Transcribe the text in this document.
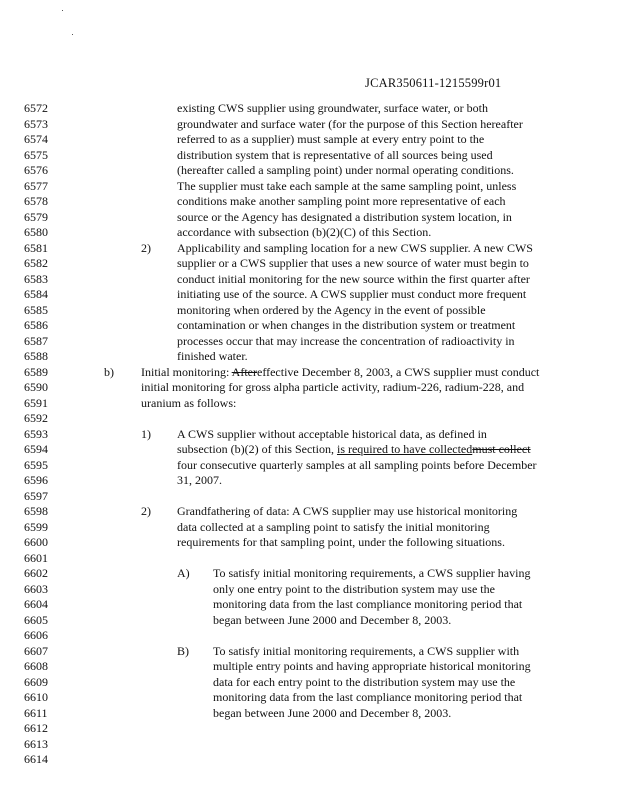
JCAR350611-1215599r01
6572
6573
6574
6575
6576
6577
6578
6579
6580
6581
6582
6583
6584
6585
6586
6587
6588
6589
6590
6591
6592
6593
6594
6595
6596
6597
6598
6599
6600
6601
6602
6603
6604
6605
6606
6607
6608
6609
6610
6611
6612
6613
6614
existing CWS supplier using groundwater, surface water, or both
groundwater and surface water (for the purpose of this Section hereafter
referred to as a supplier) must sample at every entry point to the
distribution system that is representative of all sources being used
(hereafter called a sampling point) under normal operating conditions.
The supplier must take each sample at the same sampling point, unless
conditions make another sampling point more representative of each
source or the Agency has designated a distribution system location, in
accordance with subsection (b)(2)(C) of this Section.
2) Applicability and sampling location for a new CWS supplier. A new CWS
supplier or a CWS supplier that uses a new source of water must begin to
conduct initial monitoring for the new source within the first quarter after
initiating use of the source. A CWS supplier must conduct more frequent
monitoring when ordered by the Agency in the event of possible
contamination or when changes in the distribution system or treatment
processes occur that may increase the concentration of radioactivity in
finished water.
b) Initial monitoring: Aftereffective December 8, 2003, a CWS supplier must conduct
initial monitoring for gross alpha particle activity, radium-226, radium-228, and
uranium as follows:
1) A CWS supplier without acceptable historical data, as defined in
subsection (b)(2) of this Section, is required to have collectedmust collect
four consecutive quarterly samples at all sampling points before December
31, 2007.
2) Grandfathering of data: A CWS supplier may use historical monitoring
data collected at a sampling point to satisfy the initial monitoring
requirements for that sampling point, under the following situations.
A) To satisfy initial monitoring requirements, a CWS supplier having
only one entry point to the distribution system may use the
monitoring data from the last compliance monitoring period that
began between June 2000 and December 8, 2003.
B) To satisfy initial monitoring requirements, a CWS supplier with
multiple entry points and having appropriate historical monitoring
data for each entry point to the distribution system may use the
monitoring data from the last compliance monitoring period that
began between June 2000 and December 8, 2003.
